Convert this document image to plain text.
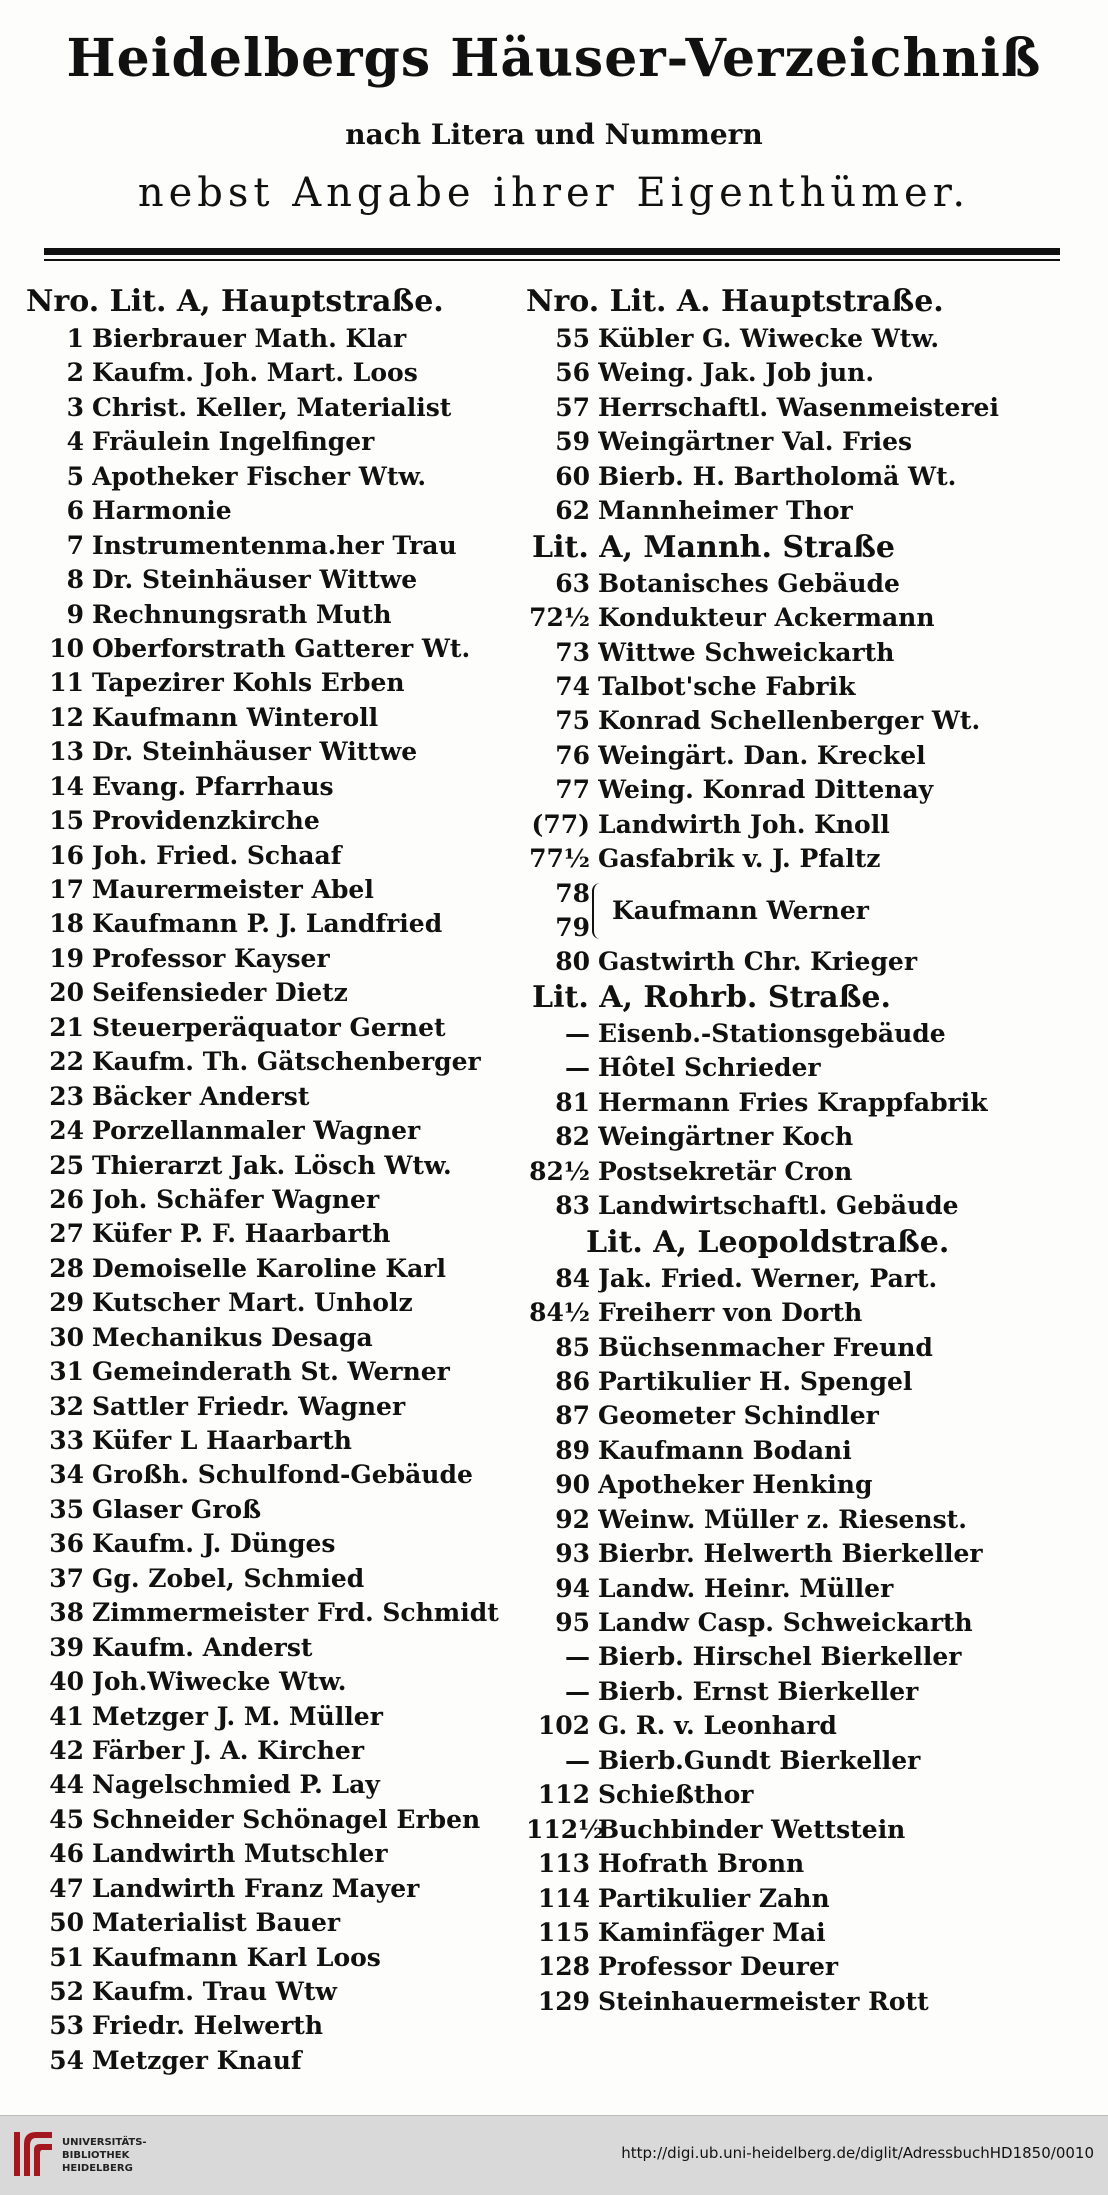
Heidelbergs Häuser-Verzeichniß
nach Litera und Nummern
nebst Angabe ihrer Eigenthümer.
Nro. Lit. A, Hauptstraße.
1 Bierbrauer Math. Klar
2 Kaufm. Joh. Mart. Loos
3 Christ. Keller, Materialist
4 Fräulein Ingelfinger
5 Apotheker Fischer Wtw.
6 Harmonie
7 Instrumentenma.her Trau
8 Dr. Steinhäuser Wittwe
9 Rechnungsrath Muth
10 Oberforstrath Gatterer Wt.
11 Tapezirer Kohls Erben
12 Kaufmann Winteroll
13 Dr. Steinhäuser Wittwe
14 Evang. Pfarrhaus
15 Providenzkirche
16 Joh. Fried. Schaaf
17 Maurermeister Abel
18 Kaufmann P. J. Landfried
19 Professor Kayser
20 Seifensieder Dietz
21 Steuerperäquator Gernet
22 Kaufm. Th. Gätschenberger
23 Bäcker Anderst
24 Porzellanmaler Wagner
25 Thierarzt Jak. Lösch Wtw.
26 Joh. Schäfer Wagner
27 Küfer P. F. Haarbarth
28 Demoiselle Karoline Karl
29 Kutscher Mart. Unholz
30 Mechanikus Desaga
31 Gemeinderath St. Werner
32 Sattler Friedr. Wagner
33 Küfer L Haarbarth
34 Großh. Schulfond-Gebäude
35 Glaser Groß
36 Kaufm. J. Dünges
37 Gg. Zobel, Schmied
38 Zimmermeister Frd. Schmidt
39 Kaufm. Anderst
40 Joh.Wiwecke Wtw.
41 Metzger J. M. Müller
42 Färber J. A. Kircher
44 Nagelschmied P. Lay
45 Schneider Schönagel Erben
46 Landwirth Mutschler
47 Landwirth Franz Mayer
50 Materialist Bauer
51 Kaufmann Karl Loos
52 Kaufm. Trau Wtw
53 Friedr. Helwerth
54 Metzger Knauf
Nro. Lit. A. Hauptstraße.
55 Kübler G. Wiwecke Wtw.
56 Weing. Jak. Job jun.
57 Herrschaftl. Wasenmeisterei
59 Weingärtner Val. Fries
60 Bierb. H. Bartholomä Wt.
62 Mannheimer Thor
Lit. A, Mannh. Straße
63 Botanisches Gebäude
72½ Kondukteur Ackermann
73 Wittwe Schweickarth
74 Talbot'sche Fabrik
75 Konrad Schellenberger Wt.
76 Weingärt. Dan. Kreckel
77 Weing. Konrad Dittenay
(77) Landwirth Joh. Knoll
77½ Gasfabrik v. J. Pfaltz
78
79
Kaufmann Werner
80 Gastwirth Chr. Krieger
Lit. A, Rohrb. Straße.
— Eisenb.-Stationsgebäude
— Hôtel Schrieder
81 Hermann Fries Krappfabrik
82 Weingärtner Koch
82½ Postsekretär Cron
83 Landwirtschaftl. Gebäude
Lit. A, Leopoldstraße.
84 Jak. Fried. Werner, Part.
84½ Freiherr von Dorth
85 Büchsenmacher Freund
86 Partikulier H. Spengel
87 Geometer Schindler
89 Kaufmann Bodani
90 Apotheker Henking
92 Weinw. Müller z. Riesenst.
93 Bierbr. Helwerth Bierkeller
94 Landw. Heinr. Müller
95 Landw Casp. Schweickarth
— Bierb. Hirschel Bierkeller
— Bierb. Ernst Bierkeller
102 G. R. v. Leonhard
— Bierb.Gundt Bierkeller
112 Schießthor
112½
Buchbinder Wettstein
113 Hofrath Bronn
114 Partikulier Zahn
115 Kaminfäger Mai
128 Professor Deurer
129 Steinhauermeister Rott
UNIVERSITÄTS-
BIBLIOTHEK
HEIDELBERG
http://digi.ub.uni-heidelberg.de/diglit/AdressbuchHD1850/0010
